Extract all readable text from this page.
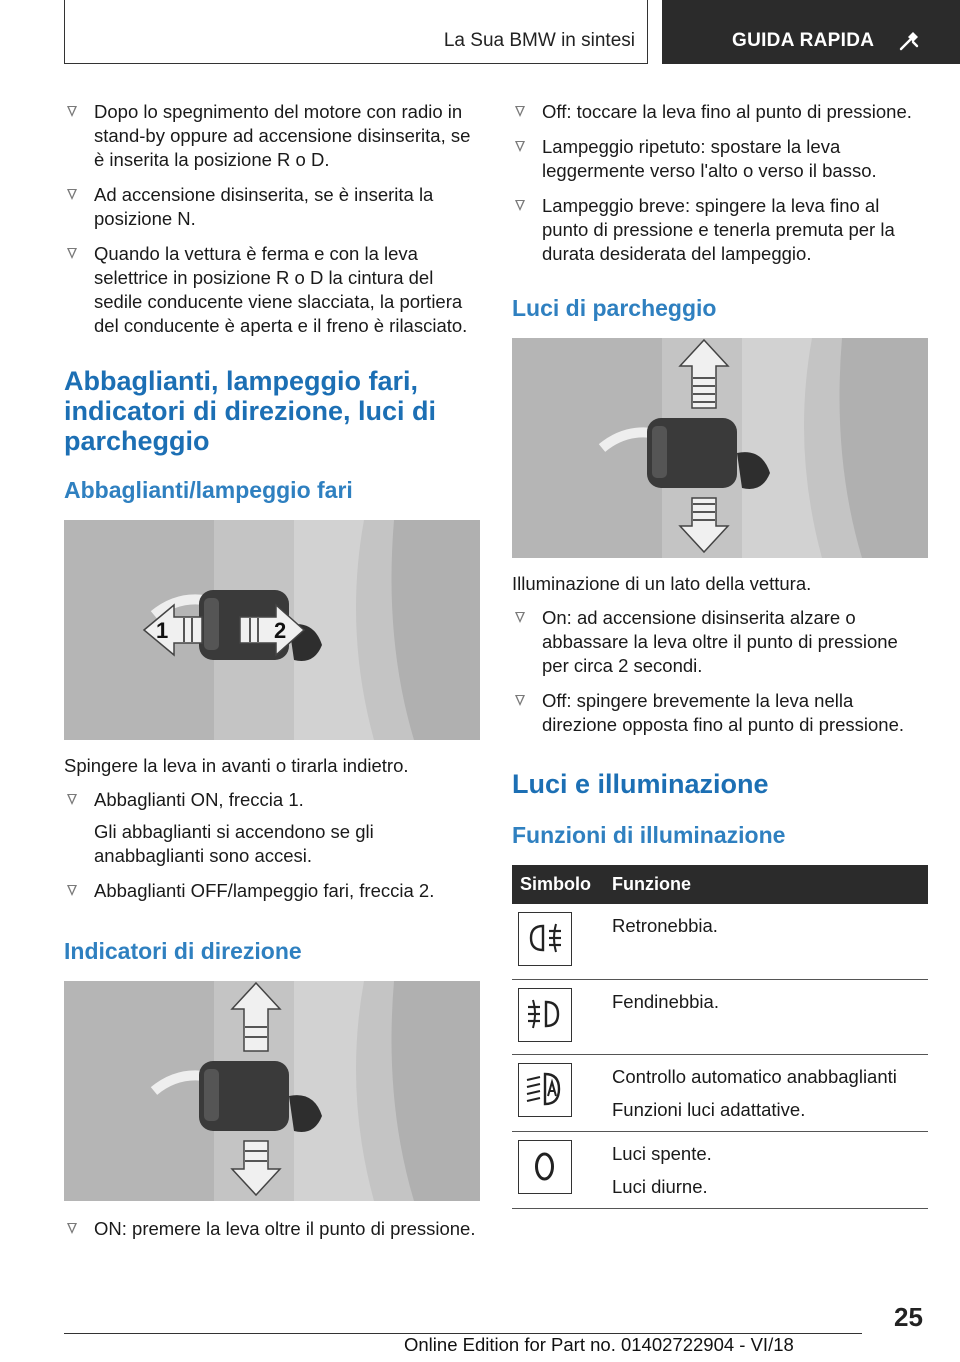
La Sua BMW in sintesi	GUIDA RAPIDA

Dopo lo spegnimento del motore con radio in stand-by oppure ad accensione disinserita, se è inserita la posizione R o D.

Ad accensione disinserita, se è inserita la posizione N.

Quando la vettura è ferma e con la leva selettrice in posizione R o D la cintura del sedile conducente viene slacciata, la portiera del conducente è aperta e il freno è rilasciato.

Abbaglianti, lampeggio fari, indicatori di direzione, luci di parcheggio
Abbaglianti/lampeggio fari
1	2

Spingere la leva in avanti o tirarla indietro.

Abbaglianti ON, freccia 1.

Gli abbaglianti si accendono se gli anabbaglianti sono accesi.

Abbaglianti OFF/lampeggio fari, freccia 2.

Indicatori di direzione

ON: premere la leva oltre il punto di pressione.

Off: toccare la leva fino al punto di pressione.

Lampeggio ripetuto: spostare la leva leggermente verso l'alto o verso il basso.

Lampeggio breve: spingere la leva fino al punto di pressione e tenerla premuta per la durata desiderata del lampeggio.

Luci di parcheggio

Illuminazione di un lato della vettura.

On: ad accensione disinserita alzare o abbassare la leva oltre il punto di pressione per circa 2 secondi.

Off: spingere brevemente la leva nella direzione opposta fino al punto di pressione.

Luci e illuminazione
Funzioni di illuminazione
Simbolo	Funzione

Retronebbia.

Fendinebbia.

Controllo automatico anabbaglianti
Funzioni luci adattative.

Luci spente.
Luci diurne.
25
Online Edition for Part no. 01402722904 - VI/18
